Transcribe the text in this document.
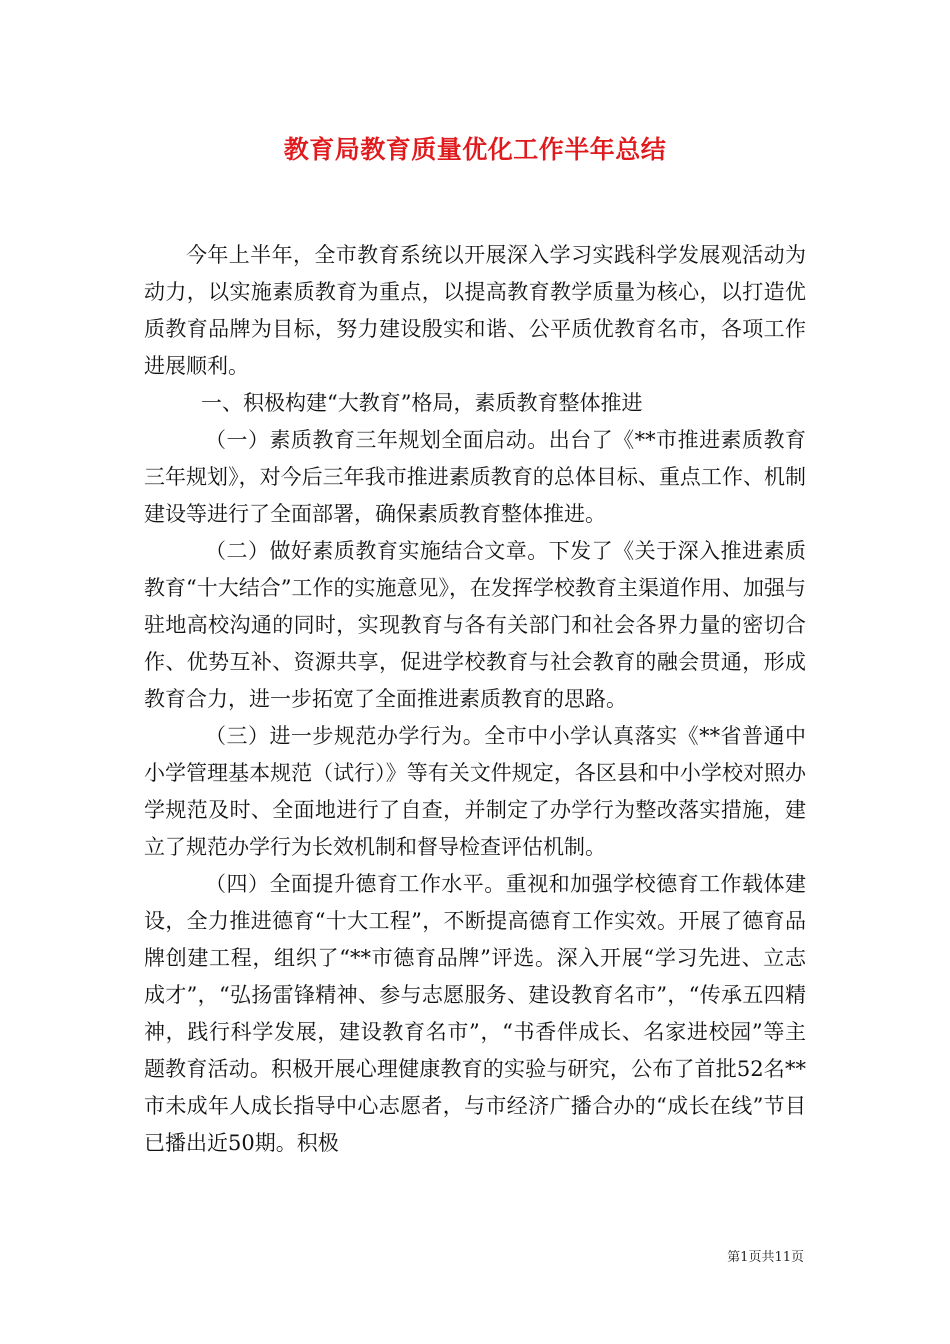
教育局教育质量优化工作半年总结

今年上半年，全市教育系统以开展深入学习实践科学发展观活动为动力，以实施素质教育为重点，以提高教育教学质量为核心，以打造优质教育品牌为目标，努力建设殷实和谐、公平质优教育名市，各项工作进展顺利。

一、积极构建“大教育”格局，素质教育整体推进

（一）素质教育三年规划全面启动。出台了《**市推进素质教育三年规划》，对今后三年我市推进素质教育的总体目标、重点工作、机制建设等进行了全面部署，确保素质教育整体推进。

（二）做好素质教育实施结合文章。下发了《关于深入推进素质教育“十大结合”工作的实施意见》，在发挥学校教育主渠道作用、加强与驻地高校沟通的同时，实现教育与各有关部门和社会各界力量的密切合作、优势互补、资源共享，促进学校教育与社会教育的融会贯通，形成教育合力，进一步拓宽了全面推进素质教育的思路。

（三）进一步规范办学行为。全市中小学认真落实《**省普通中小学管理基本规范（试行）》等有关文件规定，各区县和中小学校对照办学规范及时、全面地进行了自查，并制定了办学行为整改落实措施，建立了规范办学行为长效机制和督导检查评估机制。

（四）全面提升德育工作水平。重视和加强学校德育工作载体建设，全力推进德育“十大工程”，不断提高德育工作实效。开展了德育品牌创建工程，组织了“**市德育品牌”评选。深入开展“学习先进、立志成才”，“弘扬雷锋精神、参与志愿服务、建设教育名市”，“传承五四精神，践行科学发展，建设教育名市”，“书香伴成长、名家进校园”等主题教育活动。积极开展心理健康教育的实验与研究，公布了首批52名**市未成年人成长指导中心志愿者，与市经济广播合办的“成长在线”节目已播出近50期。积极

第1页共11页
